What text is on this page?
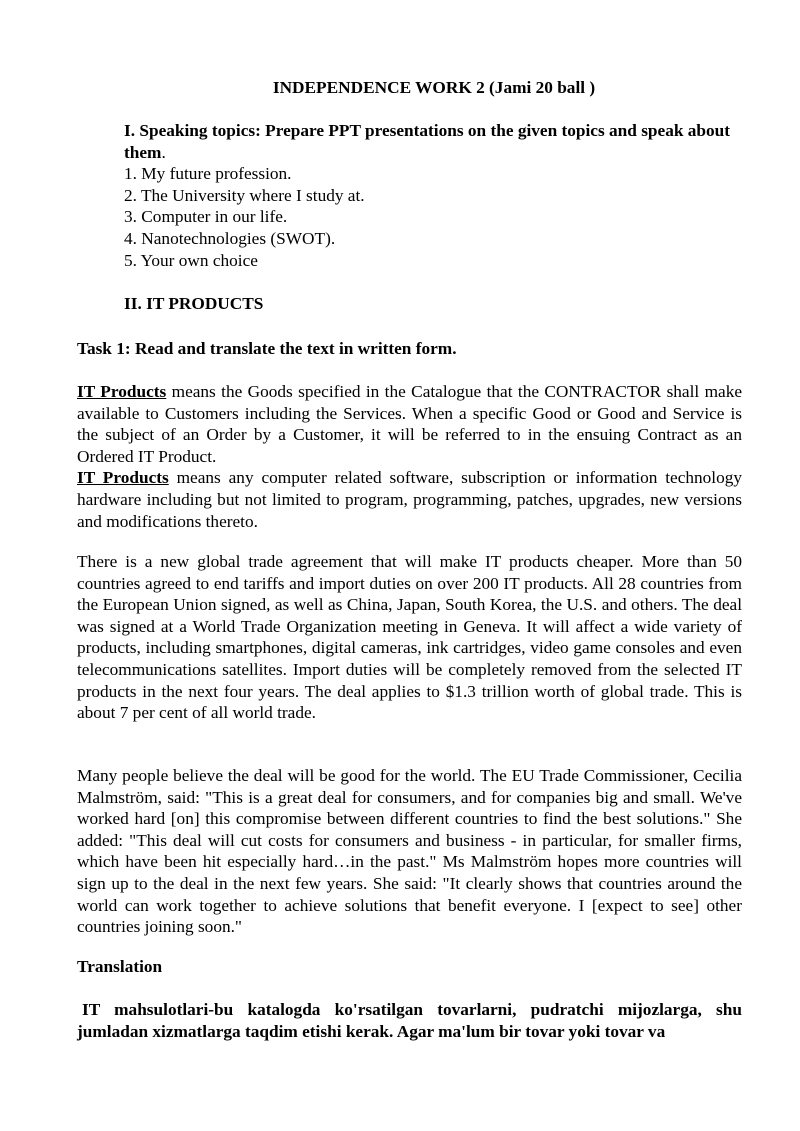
INDEPENDENCE WORK 2 (Jami 20 ball )

I. Speaking topics: Prepare PPT presentations on the given topics and speak about them.

1. My future profession.
2. The University where I study at.
3. Computer in our life.
4. Nanotechnologies (SWOT).
5. Your own choice

II. IT PRODUCTS

Task 1: Read and translate the text in written form.

IT Products means the Goods specified in the Catalogue that the CONTRACTOR shall make available to Customers including the Services. When a specific Good or Good and Service is the subject of an Order by a Customer, it will be referred to in the ensuing Contract as an Ordered IT Product.

IT Products means any computer related software, subscription or information technology hardware including but not limited to program, programming, patches, upgrades, new versions and modifications thereto.

There is a new global trade agreement that will make IT products cheaper. More than 50 countries agreed to end tariffs and import duties on over 200 IT products. All 28 countries from the European Union signed, as well as China, Japan, South Korea, the U.S. and others. The deal was signed at a World Trade Organization meeting in Geneva. It will affect a wide variety of products, including smartphones, digital cameras, ink cartridges, video game consoles and even telecommunications satellites. Import duties will be completely removed from the selected IT products in the next four years. The deal applies to $1.3 trillion worth of global trade. This is about 7 per cent of all world trade.

Many people believe the deal will be good for the world. The EU Trade Commissioner, Cecilia Malmström, said: "This is a great deal for consumers, and for companies big and small. We've worked hard [on] this compromise between different countries to find the best solutions." She added: "This deal will cut costs for consumers and business - in particular, for smaller firms, which have been hit especially hard…in the past." Ms Malmström hopes more countries will sign up to the deal in the next few years. She said: "It clearly shows that countries around the world can work together to achieve solutions that benefit everyone. I [expect to see] other countries joining soon."

Translation

IT mahsulotlari-bu katalogda ko'rsatilgan tovarlarni, pudratchi mijozlarga, shu jumladan xizmatlarga taqdim etishi kerak. Agar ma'lum bir tovar yoki tovar va
